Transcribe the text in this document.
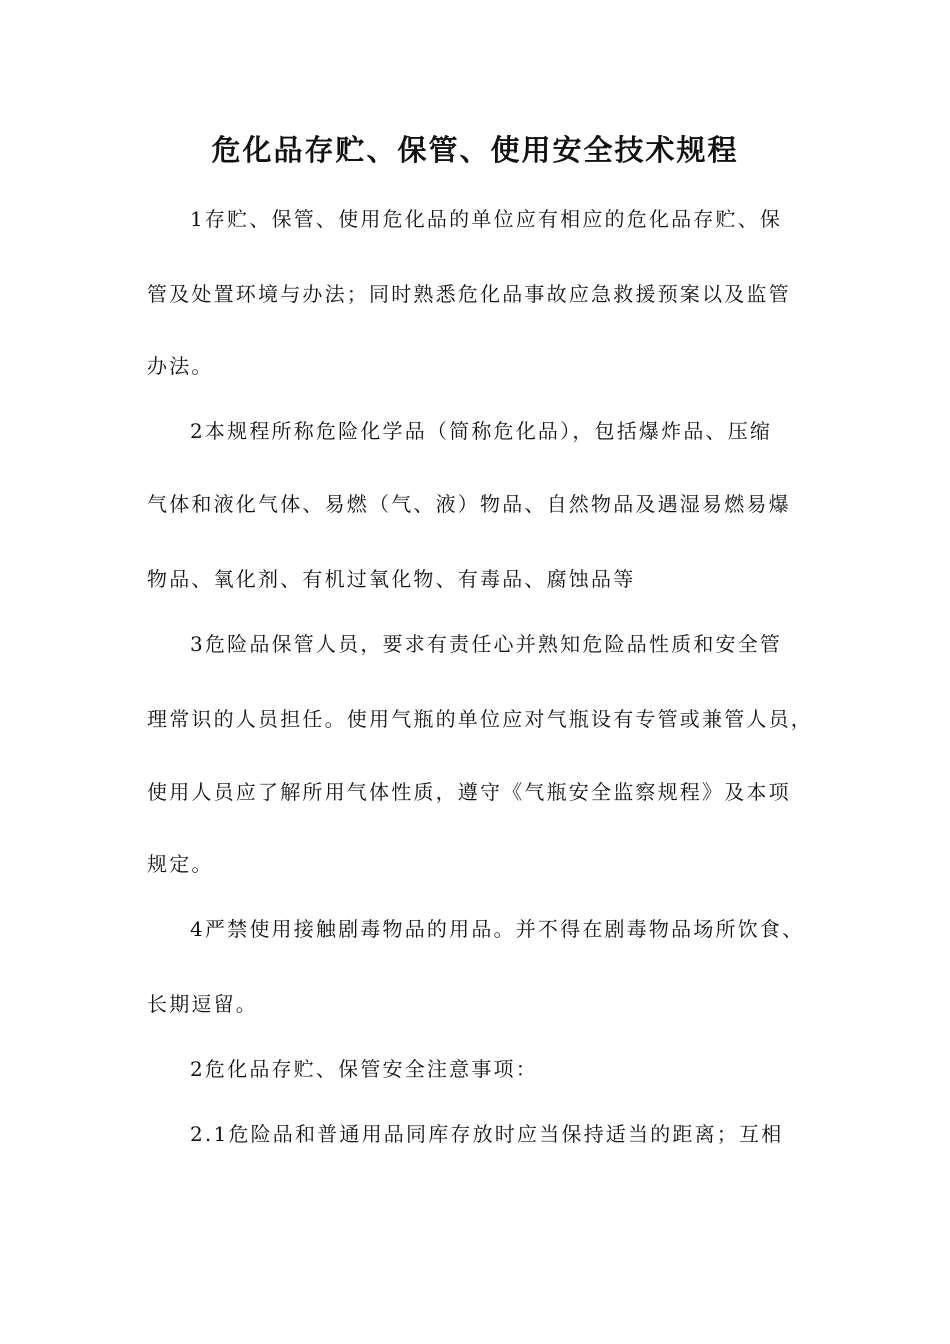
危化品存贮、保管、使用安全技术规程
1存贮、保管、使用危化品的单位应有相应的危化品存贮、保
管及处置环境与办法；同时熟悉危化品事故应急救援预案以及监管
办法。
2本规程所称危险化学品（简称危化品），包括爆炸品、压缩
气体和液化气体、易燃（气、液）物品、自然物品及遇湿易燃易爆
物品、氧化剂、有机过氧化物、有毒品、腐蚀品等
3危险品保管人员，要求有责任心并熟知危险品性质和安全管
理常识的人员担任。使用气瓶的单位应对气瓶设有专管或兼管人员，
使用人员应了解所用气体性质，遵守《气瓶安全监察规程》及本项
规定。
4严禁使用接触剧毒物品的用品。并不得在剧毒物品场所饮食、
长期逗留。
2危化品存贮、保管安全注意事项：
2.1危险品和普通用品同库存放时应当保持适当的距离；互相
